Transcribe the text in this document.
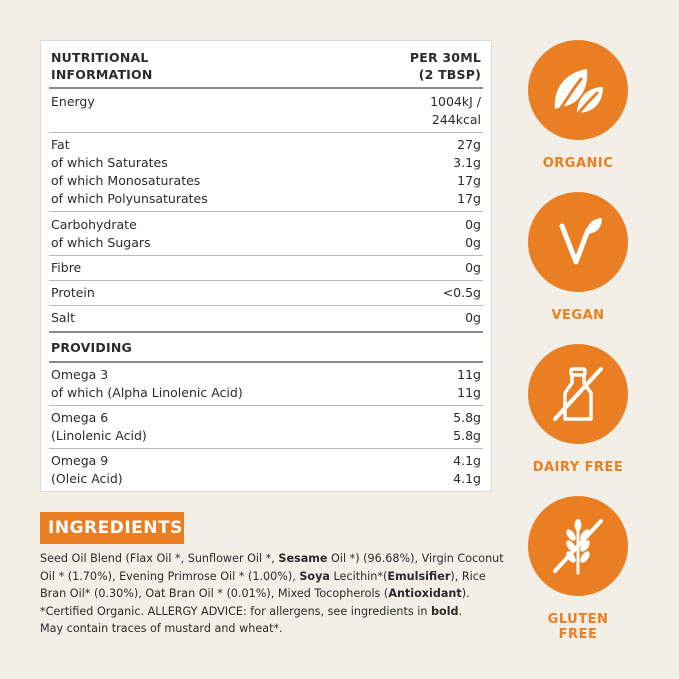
NUTRITIONAL	PER 30ML
INFORMATION	(2 TBSP)
Energy	1004kJ /
244kcal
Fat	27g
of which Saturates	3.1g
of which Monosaturates	17g
of which Polyunsaturates	17g
Carbohydrate	0g
of which Sugars	0g
Fibre	0g
Protein	<0.5g
Salt	0g
PROVIDING
Omega 3	11g
of which (Alpha Linolenic Acid)	11g
Omega 6	5.8g
(Linolenic Acid)	5.8g
Omega 9	4.1g
(Oleic Acid)	4.1g
INGREDIENTS
Seed Oil Blend (Flax Oil *, Sunflower Oil *, Sesame Oil *) (96.68%), Virgin Coconut Oil * (1.70%), Evening Primrose Oil * (1.00%), Soya Lecithin*(Emulsifier), Rice Bran Oil* (0.30%), Oat Bran Oil * (0.01%), Mixed Tocopherols (Antioxidant).
*Certified Organic. ALLERGY ADVICE: for allergens, see ingredients in bold.
May contain traces of mustard and wheat*.
ORGANIC
VEGAN
DAIRY FREE
GLUTEN FREE
